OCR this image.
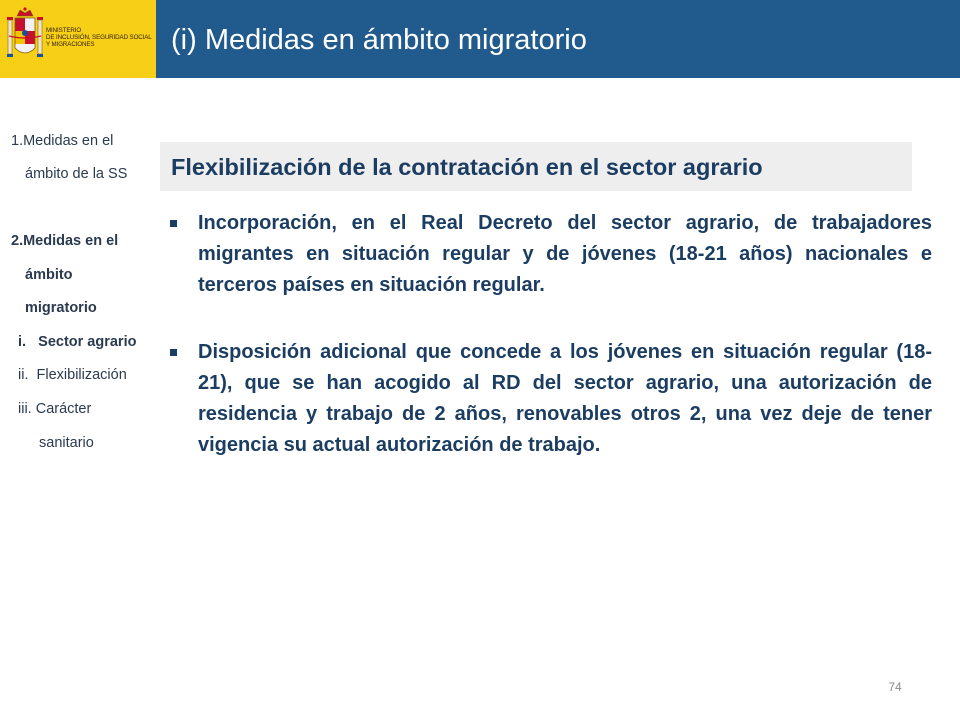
MINISTERIO
DE INCLUSIÓN, SEGURIDAD SOCIAL
Y MIGRACIONES	(i) Medidas en ámbito migratorio
1.Medidas en el
ámbito de la SS
2.Medidas en el
ámbito
migratorio
i.   Sector agrario
ii.  Flexibilización
iii. Carácter
sanitario
Flexibilización de la contratación en el sector agrario

Incorporación, en el Real Decreto del sector agrario, de trabajadores migrantes en situación regular y de jóvenes (18-21 años) nacionales e terceros países en situación regular.

Disposición adicional que concede a los jóvenes en situación regular (18-21), que se han acogido al RD del sector agrario, una autorización de residencia y trabajo de 2 años, renovables otros 2, una vez deje de tener vigencia su actual autorización de trabajo.

74
